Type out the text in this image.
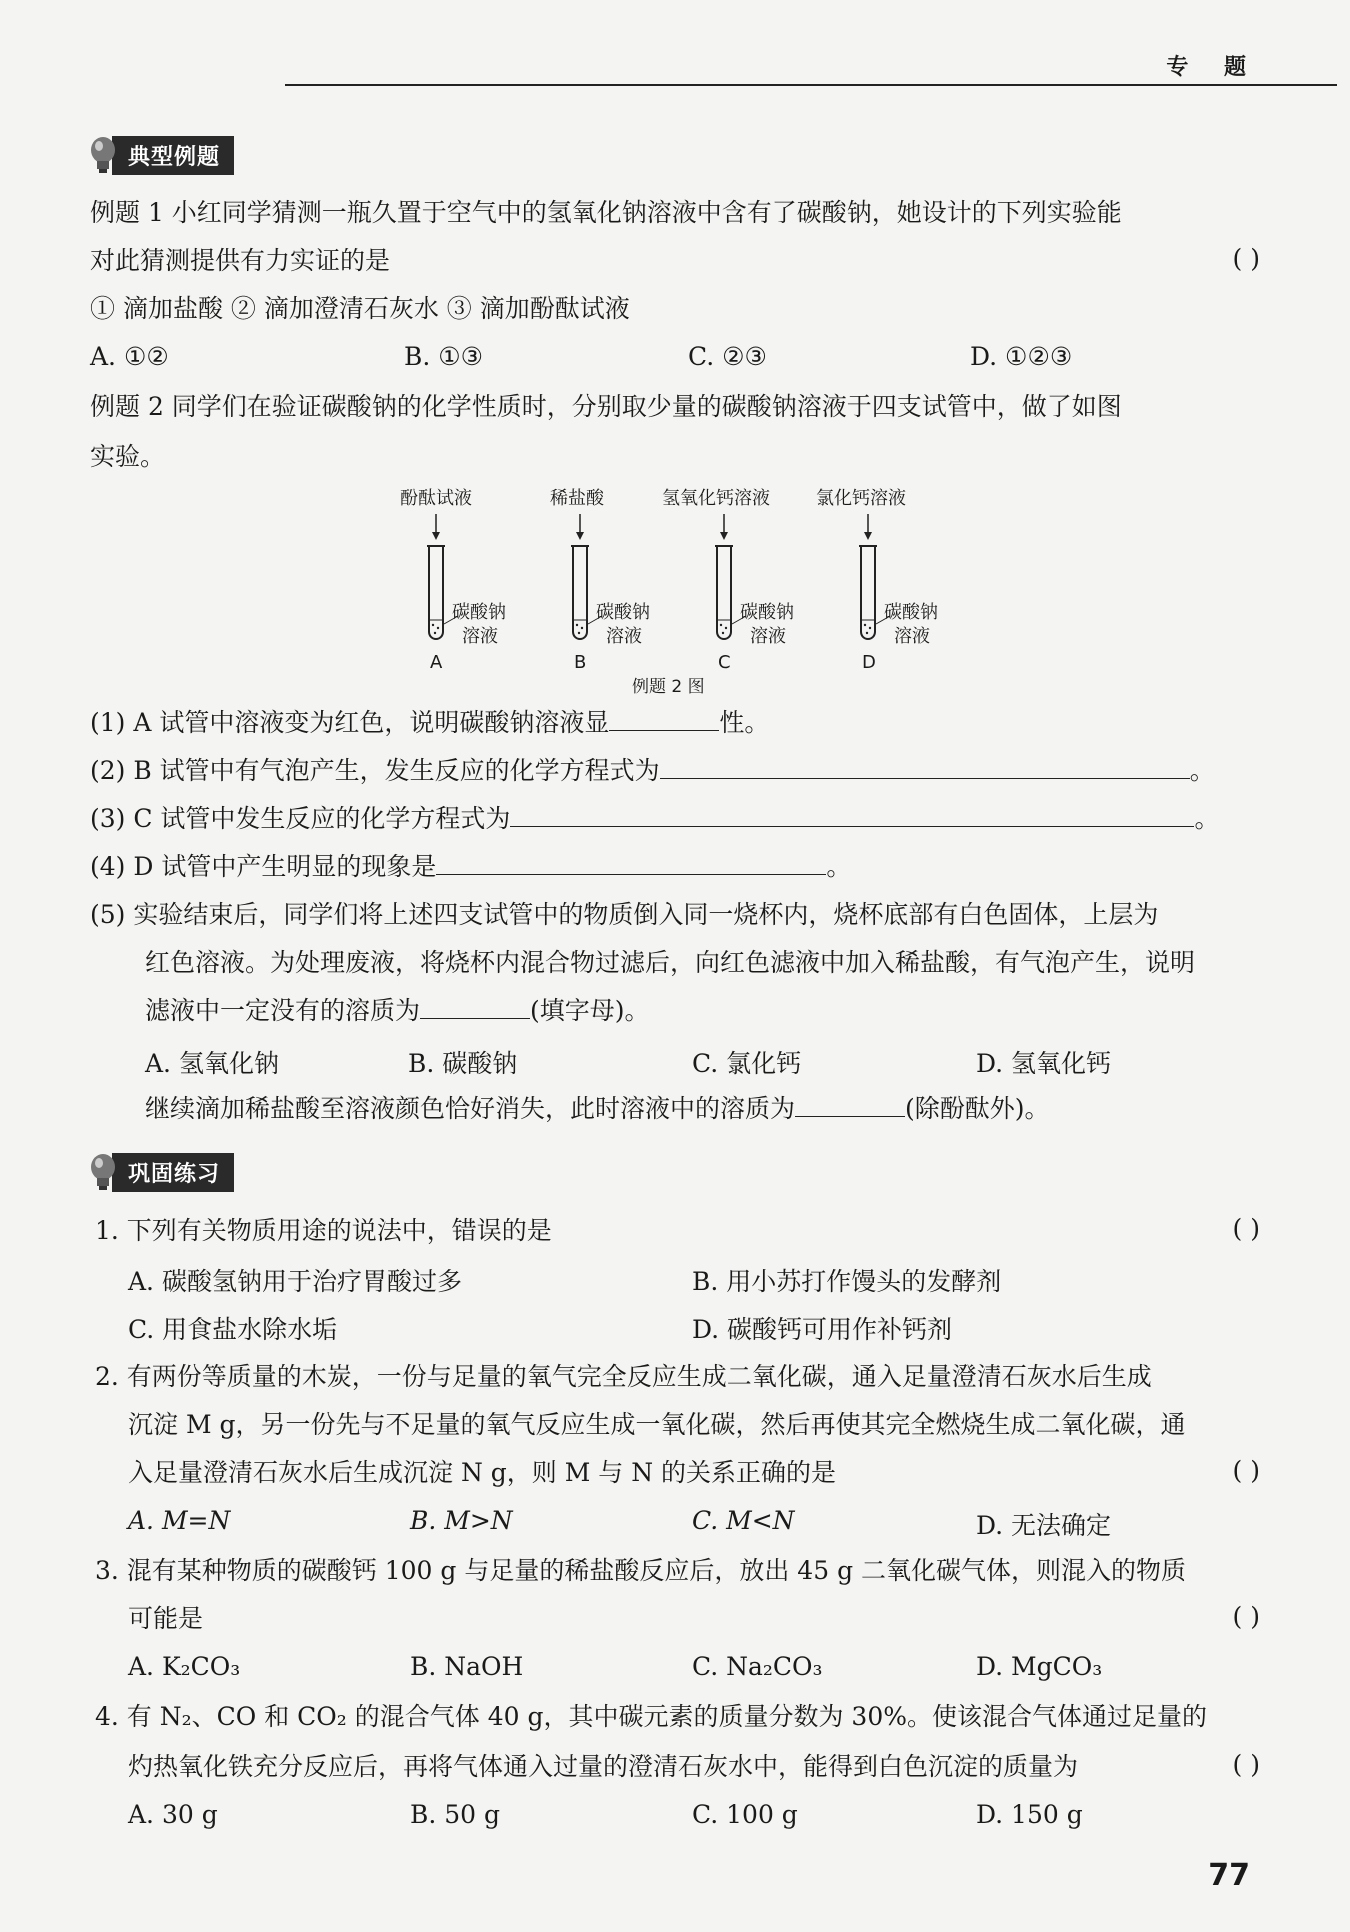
专 题
典型例题
例题 1 小红同学猜测一瓶久置于空气中的氢氧化钠溶液中含有了碳酸钠，她设计的下列实验能
对此猜测提供有力实证的是	( )
① 滴加盐酸 ② 滴加澄清石灰水 ③ 滴加酚酞试液
A. ①②	B. ①③	C. ②③	D. ①②③
例题 2 同学们在验证碳酸钠的化学性质时，分别取少量的碳酸钠溶液于四支试管中，做了如图
实验。
酚酞试液	稀盐酸	氢氧化钙溶液	氯化钙溶液
碳酸钠
溶液
碳酸钠
溶液
碳酸钠
溶液
碳酸钠
溶液
A	B	C	D
例题 2 图
(1) A 试管中溶液变为红色，说明碳酸钠溶液显	性。
(2) B 试管中有气泡产生，发生反应的化学方程式为	。
(3) C 试管中发生反应的化学方程式为	。
(4) D 试管中产生明显的现象是	。
(5) 实验结束后，同学们将上述四支试管中的物质倒入同一烧杯内，烧杯底部有白色固体，上层为
红色溶液。为处理废液，将烧杯内混合物过滤后，向红色滤液中加入稀盐酸，有气泡产生，说明
滤液中一定没有的溶质为	(填字母)。
A. 氢氧化钠	B. 碳酸钠	C. 氯化钙	D. 氢氧化钙
继续滴加稀盐酸至溶液颜色恰好消失，此时溶液中的溶质为	(除酚酞外)。
巩固练习
1. 下列有关物质用途的说法中，错误的是	( )
A. 碳酸氢钠用于治疗胃酸过多	B. 用小苏打作馒头的发酵剂
C. 用食盐水除水垢	D. 碳酸钙可用作补钙剂
2. 有两份等质量的木炭，一份与足量的氧气完全反应生成二氧化碳，通入足量澄清石灰水后生成
沉淀 M g，另一份先与不足量的氧气反应生成一氧化碳，然后再使其完全燃烧生成二氧化碳，通
入足量澄清石灰水后生成沉淀 N g，则 M 与 N 的关系正确的是	( )
A. M=N	B. M>N	C. M<N	D. 无法确定
3. 混有某种物质的碳酸钙 100 g 与足量的稀盐酸反应后，放出 45 g 二氧化碳气体，则混入的物质
可能是	( )
A. K₂CO₃	B. NaOH	C. Na₂CO₃	D. MgCO₃
4. 有 N₂、CO 和 CO₂ 的混合气体 40 g，其中碳元素的质量分数为 30%。使该混合气体通过足量的
灼热氧化铁充分反应后，再将气体通入过量的澄清石灰水中，能得到白色沉淀的质量为	( )
A. 30 g	B. 50 g	C. 100 g	D. 150 g
77
